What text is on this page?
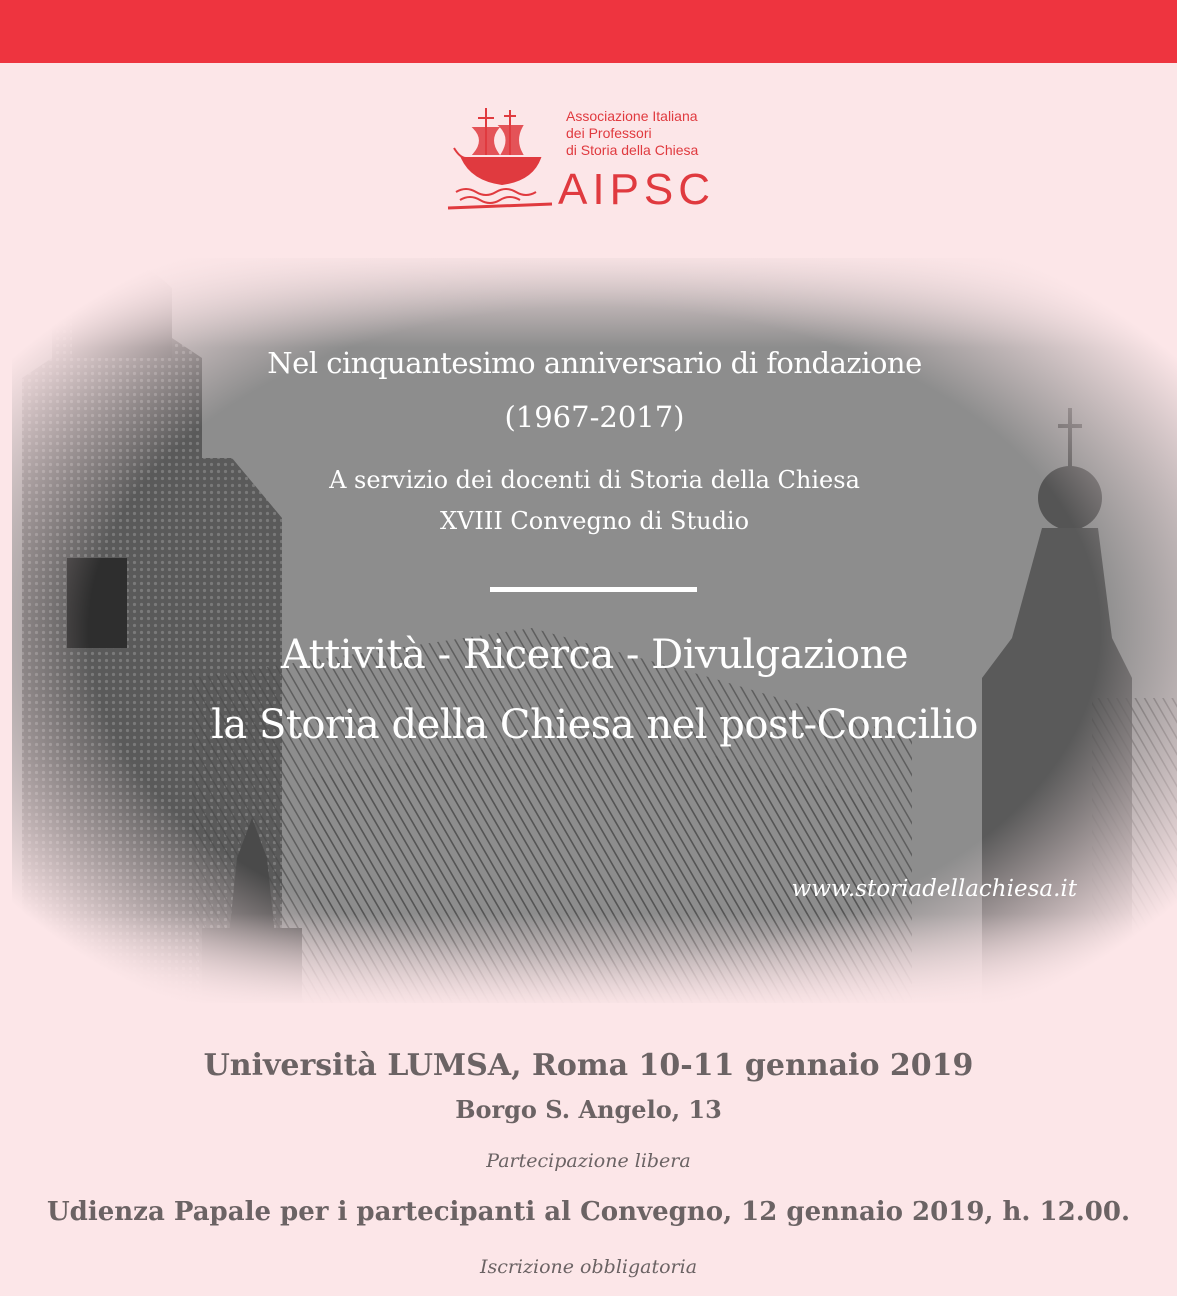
Associazione Italiana
dei Professori
di Storia della Chiesa
AIPSC
Nel cinquantesimo anniversario di fondazione
(1967-2017)
A servizio dei docenti di Storia della Chiesa
XVIII Convegno di Studio
Attività - Ricerca - Divulgazione
la Storia della Chiesa nel post-Concilio
www.storiadellachiesa.it
Università LUMSA, Roma 10-11 gennaio 2019
Borgo S. Angelo, 13
Partecipazione libera
Udienza Papale per i partecipanti al Convegno, 12 gennaio 2019, h. 12.00.
Iscrizione obbligatoria
